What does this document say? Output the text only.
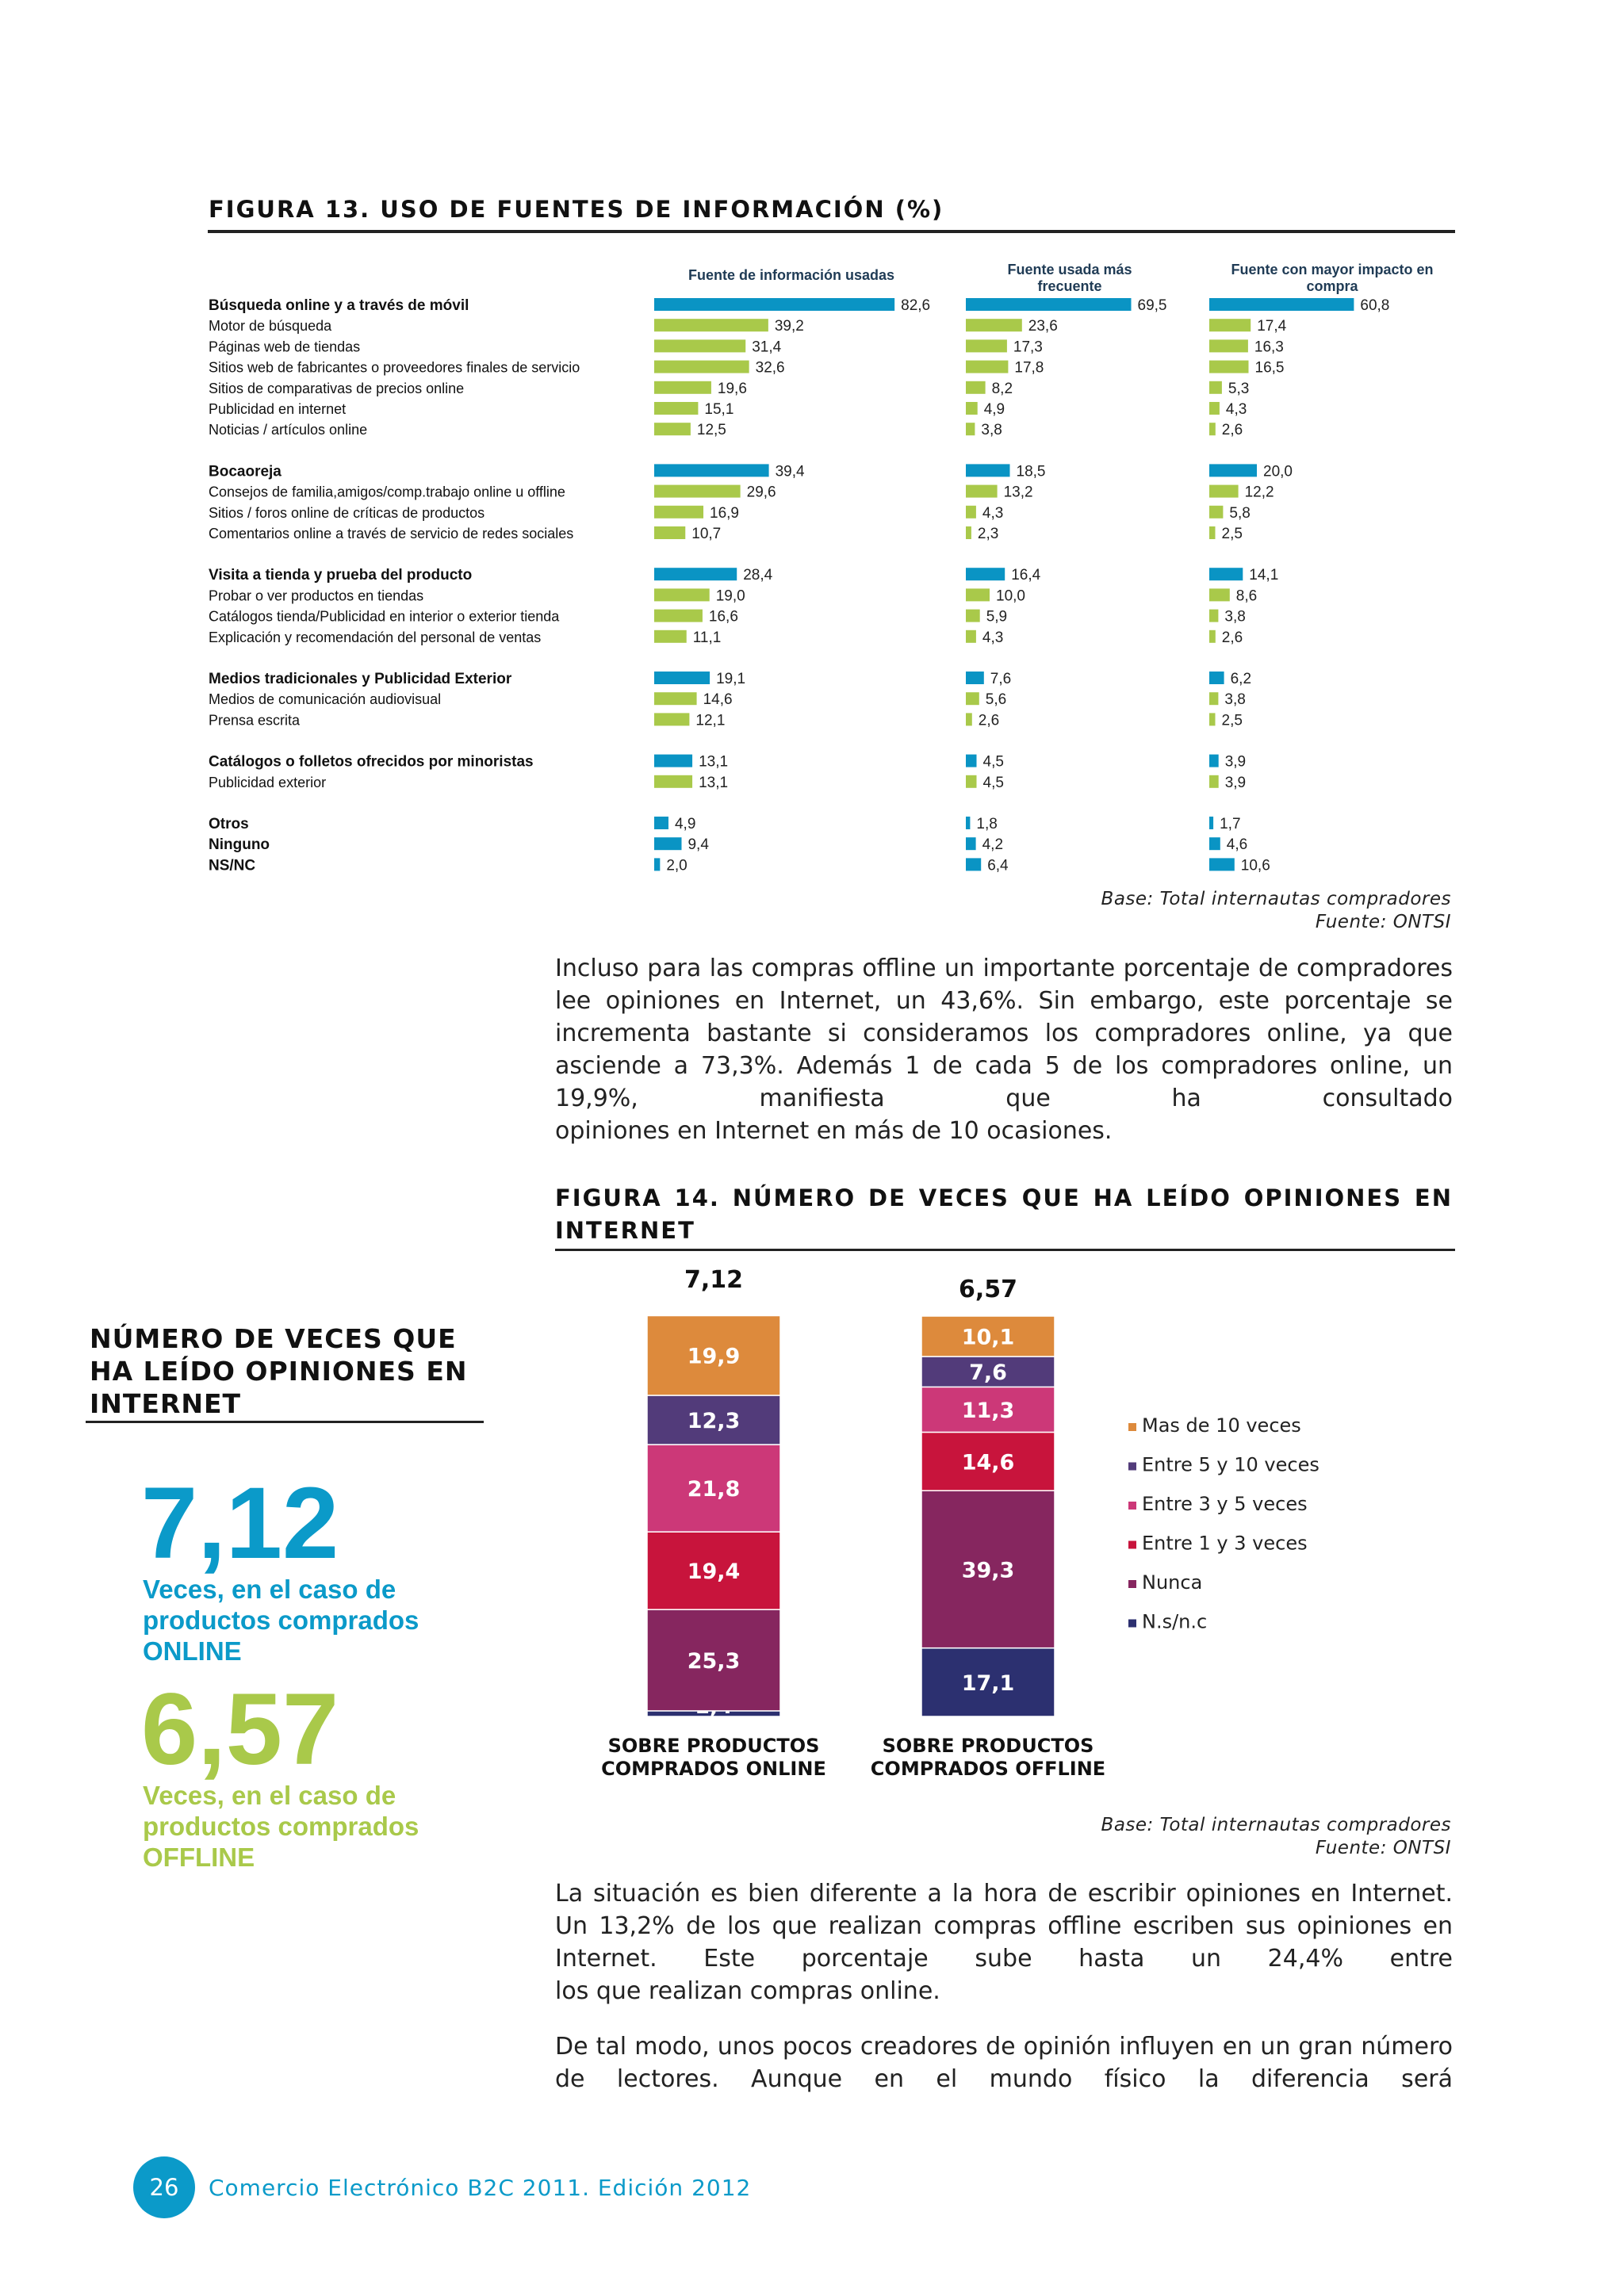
FIGURA 13. USO DE FUENTES DE INFORMACIÓN (%)
Fuente de información usadas	Fuente usada más
frecuente
Fuente con mayor impacto en
compra
Búsqueda online y a través de móvil	82,6	69,5	60,8
Motor de búsqueda	39,2	23,6	17,4
Páginas web de tiendas	31,4	17,3	16,3
Sitios web de fabricantes o proveedores finales de servicio	32,6	17,8	16,5
Sitios de comparativas de precios online	19,6	8,2	5,3
Publicidad en internet	15,1	4,9	4,3
Noticias / artículos online	12,5	3,8	2,6
Bocaoreja	39,4	18,5	20,0
Consejos de familia,amigos/comp.trabajo online u offline	29,6	13,2	12,2
Sitios / foros online de críticas de productos	16,9	4,3	5,8
Comentarios online a través de servicio de redes sociales	10,7	2,3	2,5
Visita a tienda y prueba del producto	28,4	16,4	14,1
Probar o ver productos en tiendas	19,0	10,0	8,6
Catálogos tienda/Publicidad en interior o exterior tienda	16,6	5,9	3,8
Explicación y recomendación del personal de ventas	11,1	4,3	2,6
Medios tradicionales y Publicidad Exterior	19,1	7,6	6,2
Medios de comunicación audiovisual	14,6	5,6	3,8
Prensa escrita	12,1	2,6	2,5
Catálogos o folletos ofrecidos por minoristas	13,1	4,5	3,9
Publicidad exterior	13,1	4,5	3,9
Otros	4,9	1,8	1,7
Ninguno	9,4	4,2	4,6
NS/NC	2,0	6,4	10,6
Base: Total internautas compradores
Fuente: ONTSI
Incluso para las compras offline un importante porcentaje de compradores lee opiniones en Internet, un 43,6%. Sin embargo, este porcentaje se incrementa bastante si consideramos los compradores online, ya que asciende a 73,3%. Además 1 de cada 5 de los compradores online, un 19,9%, manifiesta que ha consultado
opiniones en Internet en más de 10 ocasiones.
FIGURA 14. NÚMERO DE VECES QUE HA LEÍDO OPINIONES EN
INTERNET
25,3
19,4
21,8
12,3
19,9
7,12
SOBRE PRODUCTOS
COMPRADOS ONLINE
17,1
39,3
14,6
11,3
7,6
10,1
6,57
SOBRE PRODUCTOS
COMPRADOS OFFLINE
Mas de 10 veces
Entre 5 y 10 veces
Entre 3 y 5 veces
Entre 1 y 3 veces
Nunca
N.s/n.c
Base: Total internautas compradores
Fuente: ONTSI
NÚMERO DE VECES QUE HA LEÍDO OPINIONES EN INTERNET
7,12
Veces, en el caso de productos comprados ONLINE
6,57
Veces, en el caso de productos comprados OFFLINE
La situación es bien diferente a la hora de escribir opiniones en Internet. Un 13,2% de los que realizan compras offline escriben sus opiniones en Internet. Este porcentaje sube hasta un 24,4% entre
los que realizan compras online.
De tal modo, unos pocos creadores de opinión influyen en un gran número de lectores. Aunque en el mundo físico la diferencia será
26	Comercio Electrónico B2C 2011. Edición 2012
